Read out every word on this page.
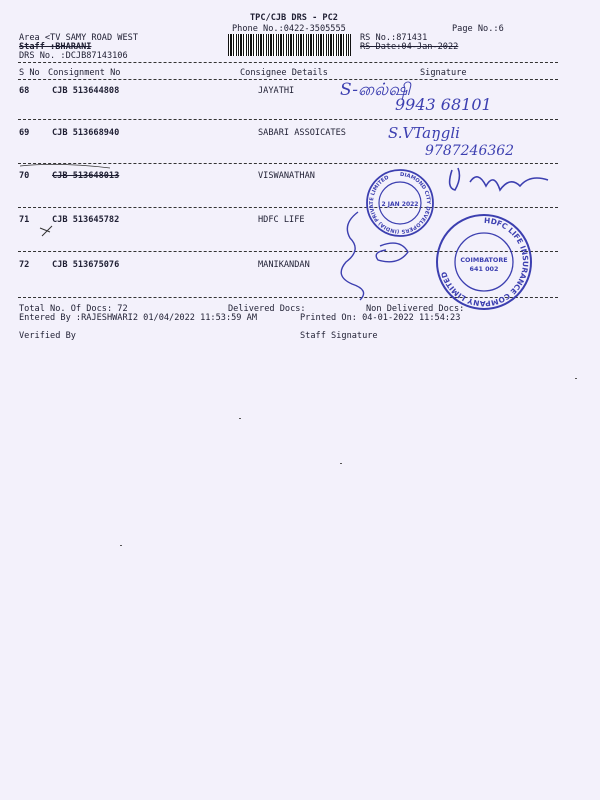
TPC/CJB DRS - PC2
Phone No.:0422-3505555	Page No.:6
Area <TV SAMY ROAD WEST
Staff :BHARANI
DRS No. :DCJB87143106
RS No.:871431
RS Date:04-Jan-2022
S No Consignment No	Consignee Details	Signature
68	CJB 513644808	JAYATHI
69	CJB 513668940	SABARI ASSOICATES
70	CJB 513648013	VISWANATHAN
71	CJB 513645782	HDFC LIFE
72	CJB 513675076	MANIKANDAN
Total No. Of Docs: 72	Delivered Docs:	Non Delivered Docs:
Entered By :RAJESHWARI2 01/04/2022 11:53:59 AM	Printed On: 04-01-2022 11:54:23
Verified By	Staff Signature
S-லை்ஷி
9943 68101
S.VTaŋgli
9787246362
DIAMOND CITY DEVELOPERS (INDIA) PRIVATE LIMITED
2 JAN 2022
HDFC LIFE INSURANCE COMPANY LIMITED
COIMBATORE
641 002
